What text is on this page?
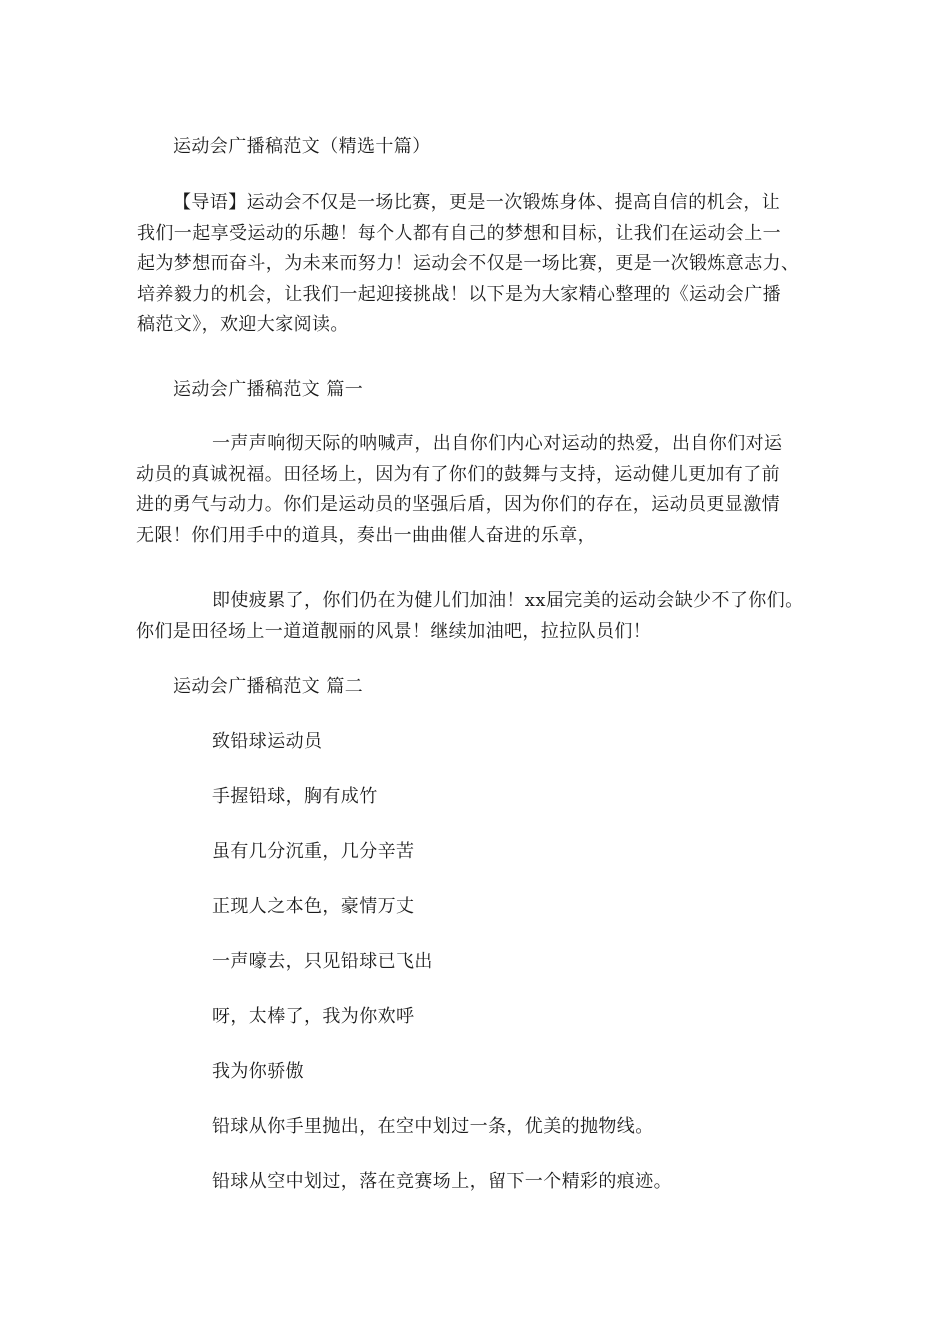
运动会广播稿范文（精选十篇）

【导语】运动会不仅是一场比赛，更是一次锻炼身体、提高自信的机会，让
我们一起享受运动的乐趣！每个人都有自己的梦想和目标，让我们在运动会上一
起为梦想而奋斗，为未来而努力！运动会不仅是一场比赛，更是一次锻炼意志力、
培养毅力的机会，让我们一起迎接挑战！以下是为大家精心整理的《运动会广播
稿范文》，欢迎大家阅读。

运动会广播稿范文 篇一

一声声响彻天际的呐喊声，出自你们内心对运动的热爱，出自你们对运
动员的真诚祝福。田径场上，因为有了你们的鼓舞与支持，运动健儿更加有了前
进的勇气与动力。你们是运动员的坚强后盾，因为你们的存在，运动员更显激情
无限！你们用手中的道具，奏出一曲曲催人奋进的乐章，
即使疲累了，你们仍在为健儿们加油！xx届完美的运动会缺少不了你们。
你们是田径场上一道道靓丽的风景！继续加油吧，拉拉队员们！

运动会广播稿范文 篇二

致铅球运动员

手握铅球，胸有成竹

虽有几分沉重，几分辛苦

正现人之本色，豪情万丈

一声嚎去，只见铅球已飞出

呀，太棒了，我为你欢呼

我为你骄傲

铅球从你手里抛出，在空中划过一条，优美的抛物线。

铅球从空中划过，落在竞赛场上，留下一个精彩的痕迹。
